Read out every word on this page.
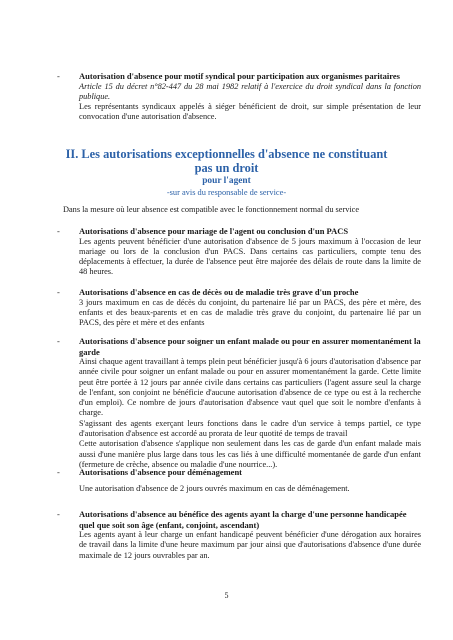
- Autorisation d'absence pour motif syndical pour participation aux organismes paritaires

Article 15 du décret n°82-447 du 28 mai 1982 relatif à l'exercice du droit syndical dans la fonction publique.

Les représentants syndicaux appelés à siéger bénéficient de droit, sur simple présentation de leur convocation d'une autorisation d'absence.

II. Les autorisations exceptionnelles d'absence ne constituant pas un droit
pour l'agent
-sur avis du responsable de service-

Dans la mesure où leur absence est compatible avec le fonctionnement normal du service

- Autorisations d'absence pour mariage de l'agent ou conclusion d'un PACS

Les agents peuvent bénéficier d'une autorisation d'absence de 5 jours maximum à l'occasion de leur mariage ou lors de la conclusion d'un PACS. Dans certains cas particuliers, compte tenu des déplacements à effectuer, la durée de l'absence peut être majorée des délais de route dans la limite de 48 heures.

- Autorisations d'absence en cas de décès ou de maladie très grave d'un proche

3 jours maximum en cas de décès du conjoint, du partenaire lié par un PACS, des père et mère, des enfants et des beaux-parents et en cas de maladie très grave du conjoint, du partenaire lié par un PACS, des père et mère et des enfants

- Autorisations d'absence pour soigner un enfant malade ou pour en assurer momentanément la garde

Ainsi chaque agent travaillant à temps plein peut bénéficier jusqu'à 6 jours d'autorisation d'absence par année civile pour soigner un enfant malade ou pour en assurer momentanément la garde. Cette limite peut être portée à 12 jours par année civile dans certains cas particuliers (l'agent assure seul la charge de l'enfant, son conjoint ne bénéficie d'aucune autorisation d'absence de ce type ou est à la recherche d'un emploi). Ce nombre de jours d'autorisation d'absence vaut quel que soit le nombre d'enfants à charge.

S'agissant des agents exerçant leurs fonctions dans le cadre d'un service à temps partiel, ce type d'autorisation d'absence est accordé au prorata de leur quotité de temps de travail

Cette autorisation d'absence s'applique non seulement dans les cas de garde d'un enfant malade mais aussi d'une manière plus large dans tous les cas liés à une difficulté momentanée de garde d'un enfant (fermeture de crèche, absence ou maladie d'une nourrice...).

- Autorisations d'absence pour déménagement

Une autorisation d'absence de 2 jours ouvrés maximum en cas de déménagement.

- Autorisations d'absence au bénéfice des agents ayant la charge d'une personne handicapée quel que soit son âge (enfant, conjoint, ascendant)

Les agents ayant à leur charge un enfant handicapé peuvent bénéficier d'une dérogation aux horaires de travail dans la limite d'une heure maximum par jour ainsi que d'autorisations d'absence d'une durée maximale de 12 jours ouvrables par an.

5
